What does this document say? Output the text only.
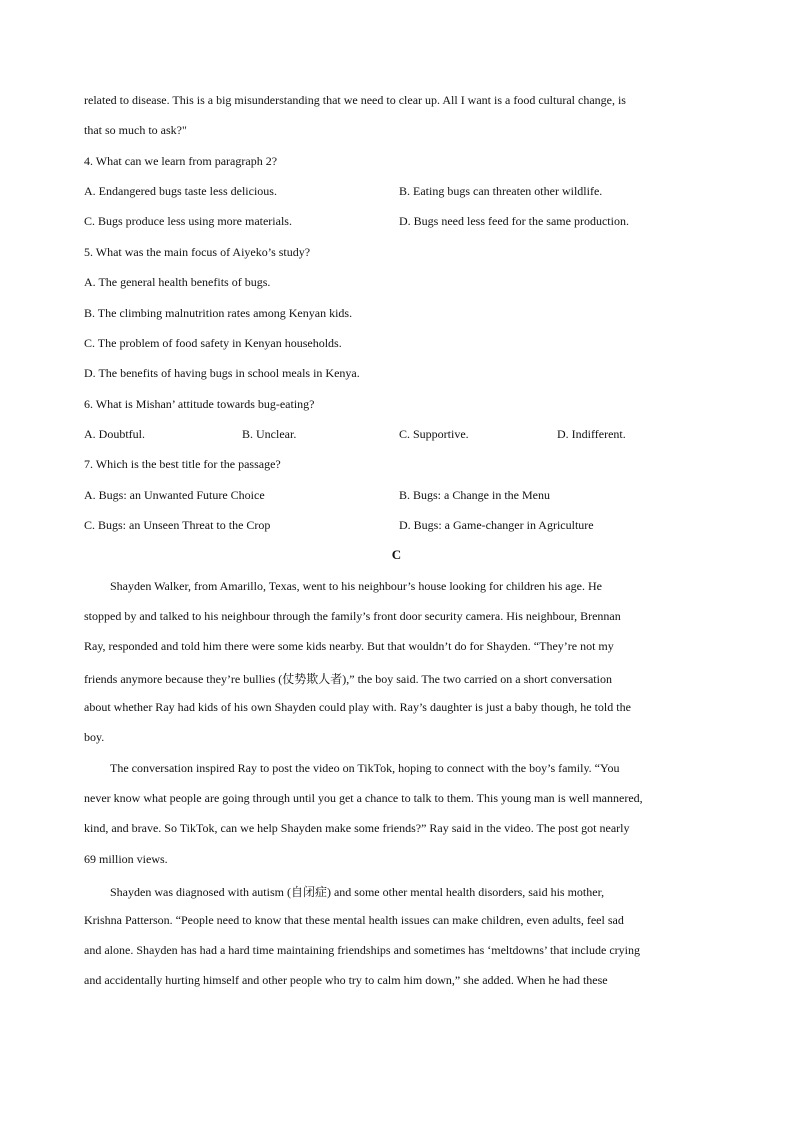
related to disease. This is a big misunderstanding that we need to clear up. All I want is a food cultural change, is
that so much to ask?"
4. What can we learn from paragraph 2?
A. Endangered bugs taste less delicious.	B. Eating bugs can threaten other wildlife.
C. Bugs produce less using more materials.	D. Bugs need less feed for the same production.
5. What was the main focus of Aiyeko’s study?
A. The general health benefits of bugs.
B. The climbing malnutrition rates among Kenyan kids.
C. The problem of food safety in Kenyan households.
D. The benefits of having bugs in school meals in Kenya.
6. What is Mishan’ attitude towards bug-eating?
A. Doubtful.	B. Unclear.	C. Supportive.	D. Indifferent.
7. Which is the best title for the passage?
A. Bugs: an Unwanted Future Choice	B. Bugs: a Change in the Menu
C. Bugs: an Unseen Threat to the Crop	D. Bugs: a Game-changer in Agriculture
C
Shayden Walker, from Amarillo, Texas, went to his neighbour’s house looking for children his age. He
stopped by and talked to his neighbour through the family’s front door security camera. His neighbour, Brennan
Ray, responded and told him there were some kids nearby. But that wouldn’t do for Shayden. “They’re not my
friends anymore because they’re bullies (仗势欺人者),” the boy said. The two carried on a short conversation
about whether Ray had kids of his own Shayden could play with. Ray’s daughter is just a baby though, he told the
boy.
The conversation inspired Ray to post the video on TikTok, hoping to connect with the boy’s family. “You
never know what people are going through until you get a chance to talk to them. This young man is well mannered,
kind, and brave. So TikTok, can we help Shayden make some friends?” Ray said in the video. The post got nearly
69 million views.
Shayden was diagnosed with autism (自闭症) and some other mental health disorders, said his mother,
Krishna Patterson. “People need to know that these mental health issues can make children, even adults, feel sad
and alone. Shayden has had a hard time maintaining friendships and sometimes has ‘meltdowns’ that include crying
and accidentally hurting himself and other people who try to calm him down,” she added. When he had these
